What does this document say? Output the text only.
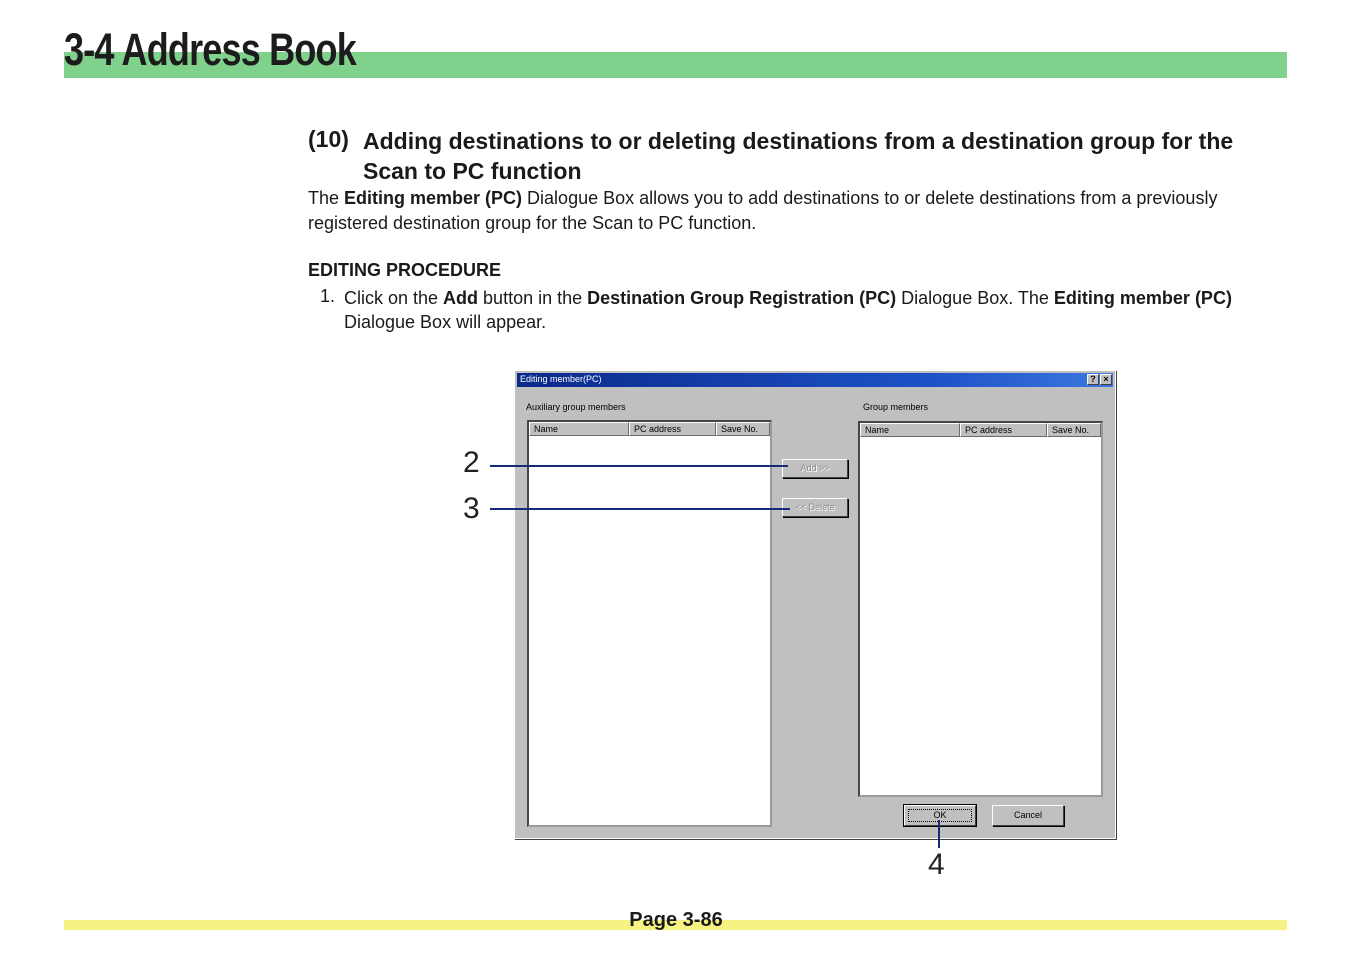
3-4 Address Book
(10) Adding destinations to or deleting destinations from a destination group for the Scan to PC function
The Editing member (PC) Dialogue Box allows you to add destinations to or delete destinations from a previously registered destination group for the Scan to PC function.
EDITING PROCEDURE
1. Click on the Add button in the Destination Group Registration (PC) Dialogue Box. The Editing member (PC) Dialogue Box will appear.
Editing member(PC)	? ×
Auxiliary group members
Name	PC address	Save No.
Add >>
<< Delete
Group members
Name	PC address	Save No.
OK	Cancel
2
3
4
Page 3-86
